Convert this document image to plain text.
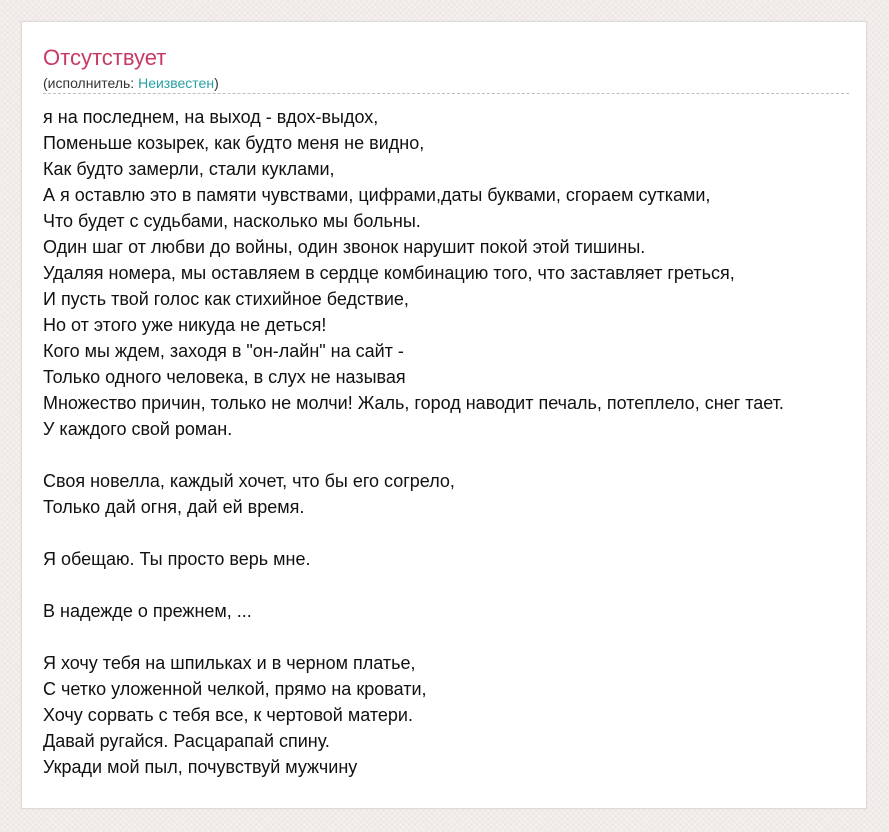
Отсутствует
(исполнитель: Неизвестен)
я на последнем, на выход - вдох-выдох,
Поменьше козырек, как будто меня не видно,
Как будто замерли, стали куклами,
А я оставлю это в памяти чувствами, цифрами,даты буквами, сгораем сутками,
Что будет с судьбами, насколько мы больны.
Один шаг от любви до войны, один звонок нарушит покой этой тишины.
Удаляя номера, мы оставляем в сердце комбинацию того, что заставляет греться,
И пусть твой голос как стихийное бедствие,
Но от этого уже никуда не деться!
Кого мы ждем, заходя в "он-лайн" на сайт -
Только одного человека, в слух не называя
Множество причин, только не молчи! Жаль, город наводит печаль, потеплело, снег тает.
У каждого свой роман.
Своя новелла, каждый хочет, что бы его согрело,
Только дай огня, дай ей время.
Я обещаю. Ты просто верь мне.
В надежде о прежнем, ...
Я хочу тебя на шпильках и в черном платье,
С четко уложенной челкой, прямо на кровати,
Хочу сорвать с тебя все, к чертовой матери.
Давай ругайся. Расцарапай спину.
Укради мой пыл, почувствуй мужчину
